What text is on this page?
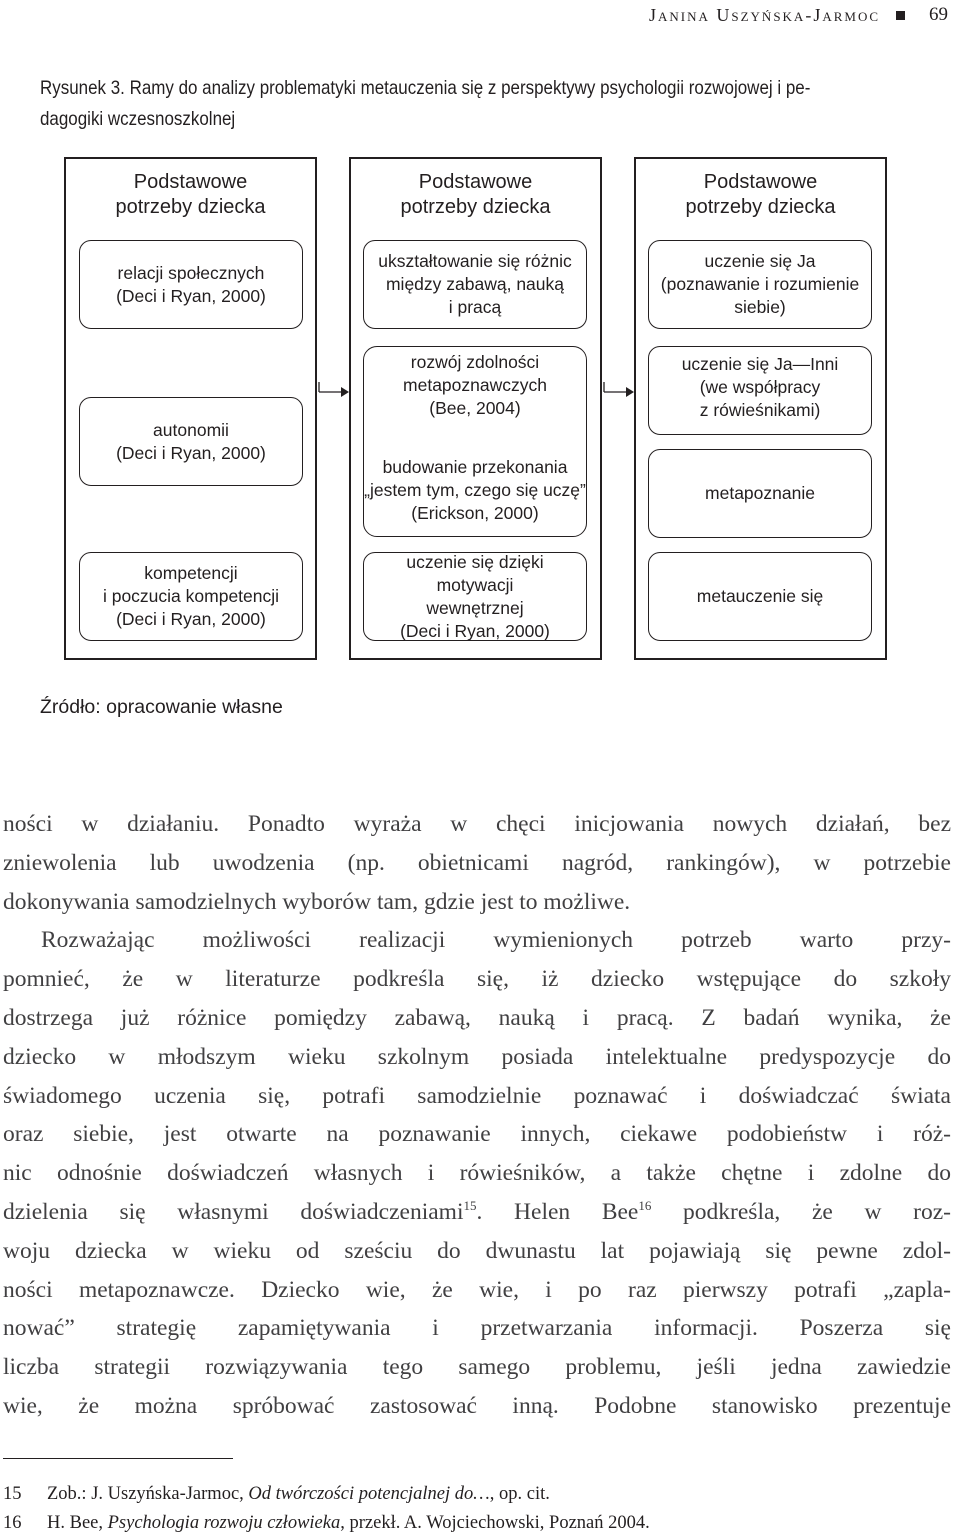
Janina Uszyńska-Jarmoc	69
Rysunek 3. Ramy do analizy problematyki metauczenia się z perspektywy psychologii rozwojowej i pe-
dagogiki wczesnoszkolnej
Podstawowe
potrzeby dziecka
relacji społecznych
(Deci i Ryan, 2000)
autonomii
(Deci i Ryan, 2000)
kompetencji
i poczucia kompetencji
(Deci i Ryan, 2000)
Podstawowe
potrzeby dziecka
ukształtowanie się różnic
między zabawą, nauką
i pracą
rozwój zdolności
metapoznawczych
(Bee, 2004)
budowanie przekonania
„jestem tym, czego się uczę”
(Erickson, 2000)
uczenie się dzięki motywacji
wewnętrznej
(Deci i Ryan, 2000)
Podstawowe
potrzeby dziecka
uczenie się Ja
(poznawanie i rozumienie
siebie)
uczenie się Ja—Inni
(we współpracy
z rówieśnikami)
metapoznanie
metauczenie się
Źródło: opracowanie własne

ności w działaniu. Ponadto wyraża w chęci inicjowania nowych działań, bez

zniewolenia lub uwodzenia (np. obietnicami nagród, rankingów), w potrzebie

dokonywania samodzielnych wyborów tam, gdzie jest to możliwe.

Rozważając możliwości realizacji wymienionych potrzeb warto przy-

pomnieć, że w literaturze podkreśla się, iż dziecko wstępujące do szkoły

dostrzega już różnice pomiędzy zabawą, nauką i pracą. Z badań wynika, że

dziecko w młodszym wieku szkolnym posiada intelektualne predyspozycje do

świadomego uczenia się, potrafi samodzielnie poznawać i doświadczać świata

oraz siebie, jest otwarte na poznawanie innych, ciekawe podobieństw i róż-

nic odnośnie doświadczeń własnych i rówieśników, a także chętne i zdolne do

dzielenia się własnymi doświadczeniami$^{15}$. Helen Bee$^{16}$ podkreśla, że w roz-

woju dziecka w wieku od sześciu do dwunastu lat pojawiają się pewne zdol-

ności metapoznawcze. Dziecko wie, że wie, i po raz pierwszy potrafi „zapla-

nować” strategię zapamiętywania i przetwarzania informacji. Poszerza się

liczba strategii rozwiązywania tego samego problemu, jeśli jedna zawiedzie

wie, że można spróbować zastosować inną. Podobne stanowisko prezentuje

15	Zob.: J. Uszyńska-Jarmoc, Od twórczości potencjalnej do…, op. cit.
16	H. Bee, Psychologia rozwoju człowieka, przekł. A. Wojciechowski, Poznań 2004.
